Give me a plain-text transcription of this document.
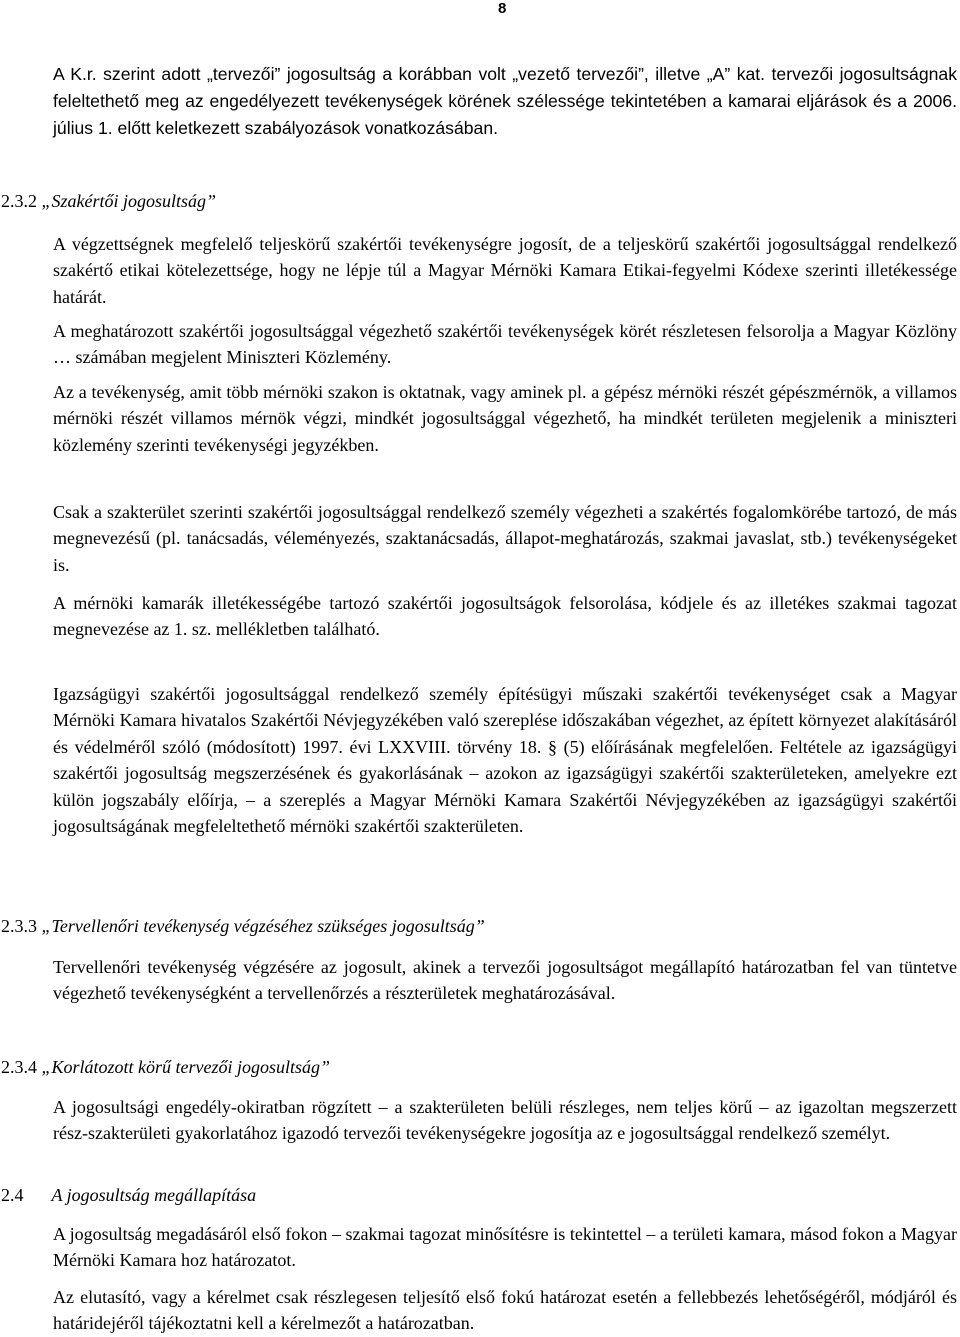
8

A K.r. szerint adott „tervezői” jogosultság a korábban volt „vezető tervezői”, illetve „A” kat. tervezői jogosultságnak feleltethető meg az engedélyezett tevékenységek körének szélessége tekintetében a kamarai eljárások és a 2006. július 1. előtt keletkezett szabályozások vonatkozásában.

2.3.2 „Szakértői jogosultság”

A végzettségnek megfelelő teljeskörű szakértői tevékenységre jogosít, de a teljeskörű szakértői jogosultsággal rendelkező szakértő etikai kötelezettsége, hogy ne lépje túl a Magyar Mérnöki Kamara Etikai-fegyelmi Kódexe szerinti illetékessége határát.

A meghatározott szakértői jogosultsággal végezhető szakértői tevékenységek körét részletesen felsorolja a Magyar Közlöny … számában megjelent Miniszteri Közlemény.

Az a tevékenység, amit több mérnöki szakon is oktatnak, vagy aminek pl. a gépész mérnöki részét gépészmérnök, a villamos mérnöki részét villamos mérnök végzi, mindkét jogosultsággal végezhető, ha mindkét területen megjelenik a miniszteri közlemény szerinti tevékenységi jegyzékben.

Csak a szakterület szerinti szakértői jogosultsággal rendelkező személy végezheti a szakértés fogalomkörébe tartozó, de más megnevezésű (pl. tanácsadás, véleményezés, szaktanácsadás, állapot-meghatározás, szakmai javaslat, stb.) tevékenységeket is.

A mérnöki kamarák illetékességébe tartozó szakértői jogosultságok felsorolása, kódjele és az illetékes szakmai tagozat megnevezése az 1. sz. mellékletben található.

Igazságügyi szakértői jogosultsággal rendelkező személy építésügyi műszaki szakértői tevékenységet csak a Magyar Mérnöki Kamara hivatalos Szakértői Névjegyzékében való szereplése időszakában végezhet, az épített környezet alakításáról és védelméről szóló (módosított) 1997. évi LXXVIII. törvény 18. § (5) előírásának megfelelően. Feltétele az igazságügyi szakértői jogosultság megszerzésének és gyakorlásának – azokon az igazságügyi szakértői szakterületeken, amelyekre ezt külön jogszabály előírja, – a szereplés a Magyar Mérnöki Kamara Szakértői Névjegyzékében az igazságügyi szakértői jogosultságának megfeleltethető mérnöki szakértői szakterületen.

2.3.3 „Tervellenőri tevékenység végzéséhez szükséges jogosultság”

Tervellenőri tevékenység végzésére az jogosult, akinek a tervezői jogosultságot megállapító határozatban fel van tüntetve végezhető tevékenységként a tervellenőrzés a részterületek meghatározásával.

2.3.4 „Korlátozott körű tervezői jogosultság”

A jogosultsági engedély-okiratban rögzített – a szakterületen belüli részleges, nem teljes körű – az igazoltan megszerzett rész-szakterületi gyakorlatához igazodó tervezői tevékenységekre jogosítja az e jogosultsággal rendelkező személyt.

2.4 A jogosultság megállapítása

A jogosultság megadásáról első fokon – szakmai tagozat minősítésre is tekintettel – a területi kamara, másod fokon a Magyar Mérnöki Kamara hoz határozatot.

Az elutasító, vagy a kérelmet csak részlegesen teljesítő első fokú határozat esetén a fellebbezés lehetőségéről, módjáról és határidejéről tájékoztatni kell a kérelmezőt a határozatban.
